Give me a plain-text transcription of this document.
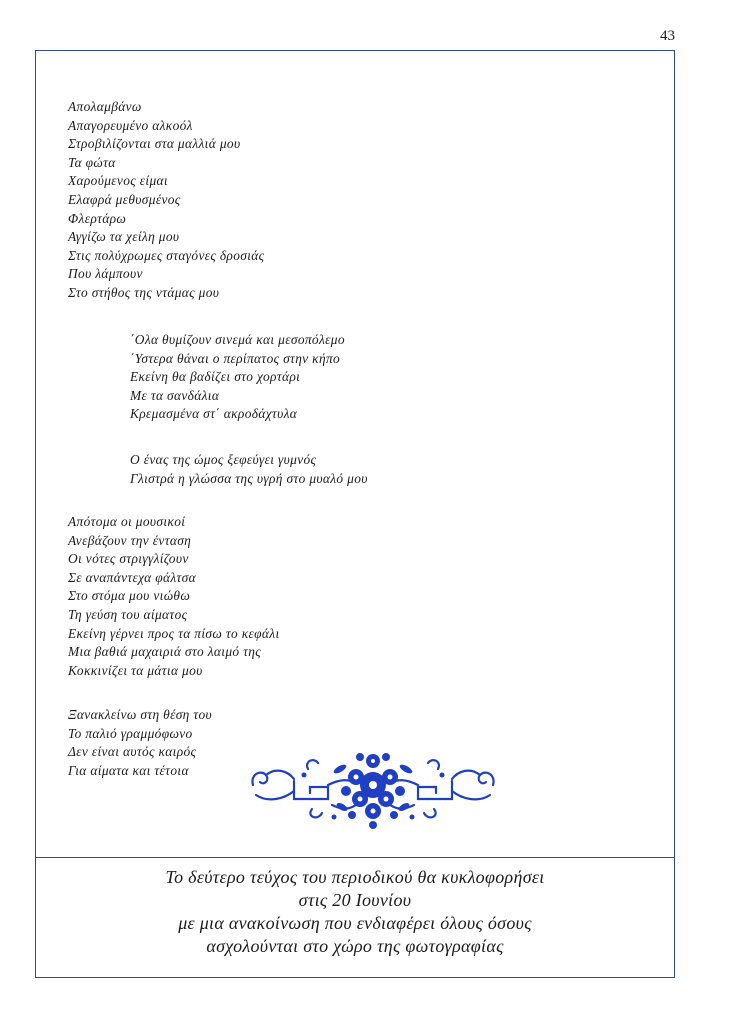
43
Απολαμβάνω
Απαγορευμένο αλκοόλ
Στροβιλίζονται στα μαλλιά μου
Τα φώτα
Χαρούμενος είμαι
Ελαφρά μεθυσμένος
Φλερτάρω
Αγγίζω τα χείλη μου
Στις πολύχρωμες σταγόνες δροσιάς
Που λάμπουν
Στο στήθος της ντάμας μου
΄Ολα θυμίζουν σινεμά και μεσοπόλεμο
΄Υστερα θάναι ο περίπατος στην κήπο
Εκείνη θα βαδίζει στο χορτάρι
Με τα σανδάλια
Κρεμασμένα στ΄ ακροδάχτυλα
Ο ένας της ώμος ξεφεύγει γυμνός
Γλιστρά η γλώσσα της υγρή στο μυαλό μου
Απότομα οι μουσικοί
Ανεβάζουν την ένταση
Οι νότες στριγγλίζουν
Σε αναπάντεχα φάλτσα
Στο στόμα μου νιώθω
Τη γεύση του αίματος
Εκείνη γέρνει προς τα πίσω το κεφάλι
Μια βαθιά μαχαιριά στο λαιμό της
Κοκκινίζει τα μάτια μου
Ξανακλείνω στη θέση του
Το παλιό γραμμόφωνο
Δεν είναι αυτός καιρός
Για αίματα και τέτοια
Το δεύτερο τεύχος του περιοδικού θα κυκλοφορήσει
στις 20 Ιουνίου
με μια ανακοίνωση που ενδιαφέρει όλους όσους
ασχολούνται στο χώρο της φωτογραφίας
